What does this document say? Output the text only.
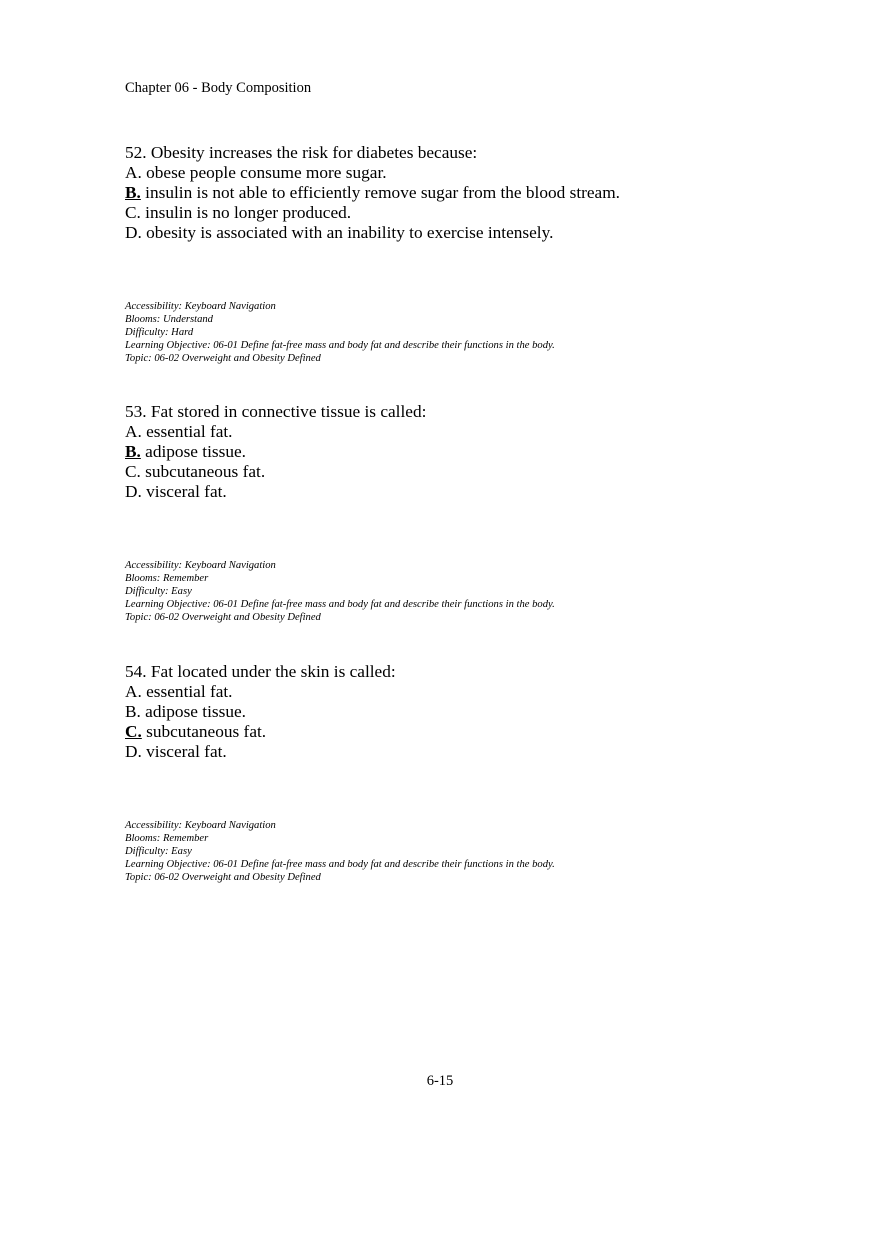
Chapter 06 - Body Composition
52. Obesity increases the risk for diabetes because:
A. obese people consume more sugar.
B. insulin is not able to efficiently remove sugar from the blood stream.
C. insulin is no longer produced.
D. obesity is associated with an inability to exercise intensely.
Accessibility: Keyboard Navigation
Blooms: Understand
Difficulty: Hard
Learning Objective: 06-01 Define fat-free mass and body fat and describe their functions in the body.
Topic: 06-02 Overweight and Obesity Defined
53. Fat stored in connective tissue is called:
A. essential fat.
B. adipose tissue.
C. subcutaneous fat.
D. visceral fat.
Accessibility: Keyboard Navigation
Blooms: Remember
Difficulty: Easy
Learning Objective: 06-01 Define fat-free mass and body fat and describe their functions in the body.
Topic: 06-02 Overweight and Obesity Defined
54. Fat located under the skin is called:
A. essential fat.
B. adipose tissue.
C. subcutaneous fat.
D. visceral fat.
Accessibility: Keyboard Navigation
Blooms: Remember
Difficulty: Easy
Learning Objective: 06-01 Define fat-free mass and body fat and describe their functions in the body.
Topic: 06-02 Overweight and Obesity Defined
6-15
